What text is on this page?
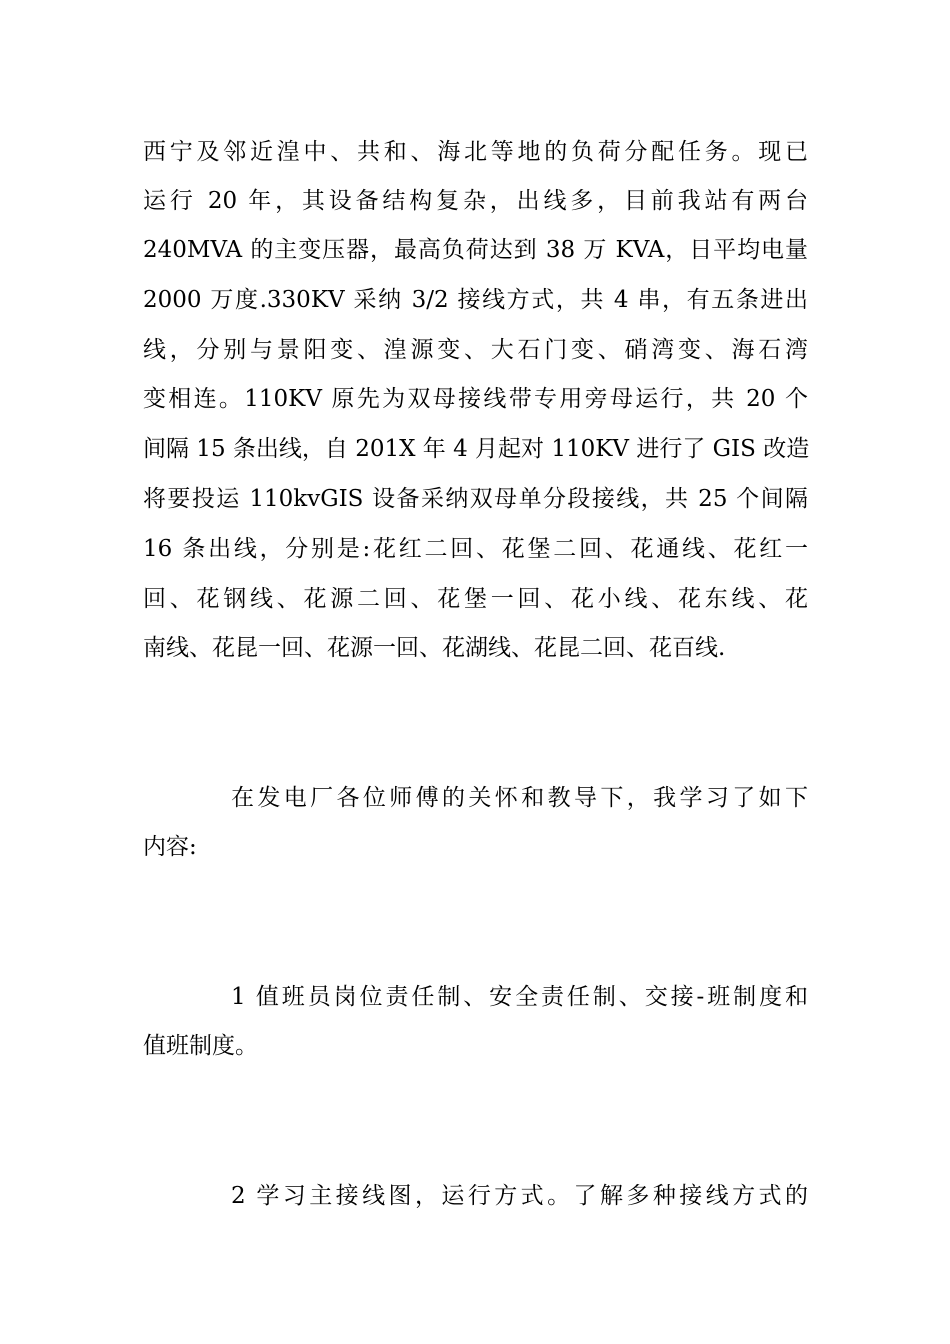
西宁及邻近湟中、共和、海北等地的负荷分配任务。现已
运行 20 年，其设备结构复杂，出线多，目前我站有两台
240MVA 的主变压器，最高负荷达到 38 万 KVA，日平均电量
2000 万度.330KV 采纳 3/2 接线方式，共 4 串，有五条进出
线，分别与景阳变、湟源变、大石门变、硝湾变、海石湾
变相连。110KV 原先为双母接线带专用旁母运行，共 20 个
间隔 15 条出线，自 201X 年 4 月起对 110KV 进行了 GIS 改造
将要投运 110kvGIS 设备采纳双母单分段接线，共 25 个间隔
16 条出线，分别是:花红二回、花堡二回、花通线、花红一
回、花钢线、花源二回、花堡一回、花小线、花东线、花
南线、花昆一回、花源一回、花湖线、花昆二回、花百线.
在发电厂各位师傅的关怀和教导下，我学习了如下
内容:
1 值班员岗位责任制、安全责任制、交接-班制度和
值班制度。
2 学习主接线图，运行方式。了解多种接线方式的
